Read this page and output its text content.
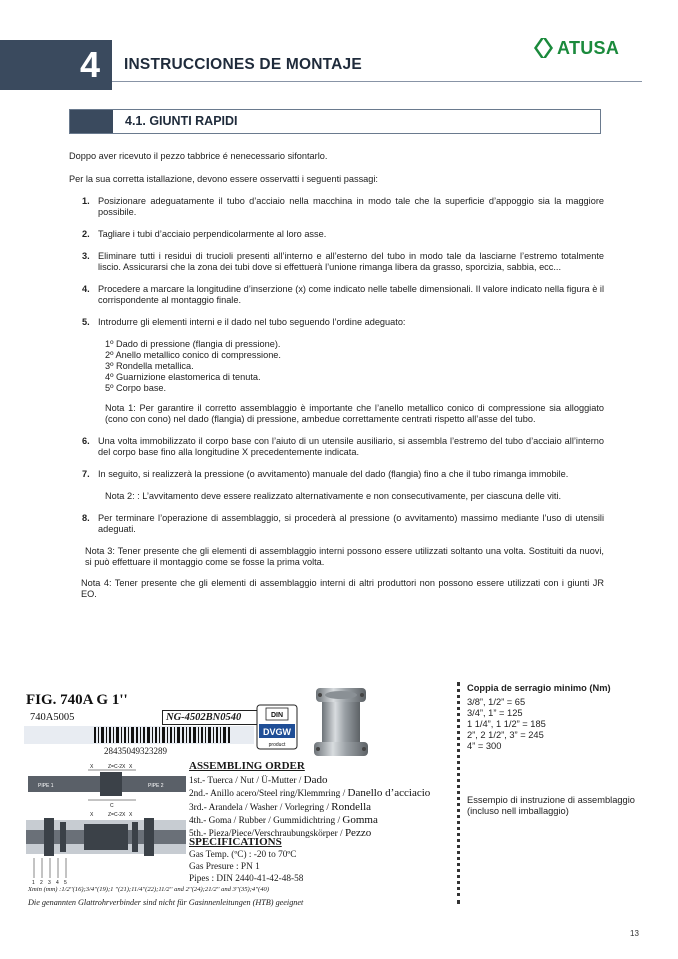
4 INSTRUCCIONES DE MONTAJE
ATUSA
4.1. GIUNTI RAPIDI

Doppo aver ricevuto il pezzo tabbrice é nenecessario sifontarlo.

Per la sua corretta istallazione, devono essere osservatti i seguenti passagi:

1. Posizionare adeguatamente il tubo d’acciaio nella macchina in modo tale che la superficie d’appoggio sia la maggiore possibile.
2. Tagliare i tubi d’acciaio perpendicolarmente al loro asse.
3. Eliminare tutti i residui di trucioli presenti all’interno e all’esterno del tubo in modo tale da lasciarne l’estremo totalmente liscio. Assicurarsi che la zona dei tubi dove si effettuerà l’unione rimanga libera da grasso, sporcizia, sabbia, ecc...
4. Procedere a marcare la longitudine d’inserzione (x) come indicato nelle tabelle dimensionali. Il valore indicato nella figura è il corrispondente al montaggio finale.
5. Introdurre gli elementi interni e il dado nel tubo seguendo l’ordine adeguato:
1º Dado di pressione (flangia di pressione).
2º Anello metallico conico di compressione.
3º Rondella metallica.
4º Guarnizione elastomerica di tenuta.
5º Corpo base.
Nota 1: Per garantire il corretto assemblaggio è importante che l’anello metallico conico di compressione sia alloggiato (cono con cono) nel dado (flangia) di pressione, ambedue correttamente centrati rispetto all’asse del tubo.
6. Una volta immobilizzato il corpo base con l’aiuto di un utensile ausiliario, si assembla l’estremo del tubo d’acciaio all’interno del corpo base fino alla longitudine X precedentemente indicata.
7. In seguito, si realizzerà la pressione (o avvitamento) manuale del dado (flangia) fino a che il tubo rimanga immobile.
Nota 2: : L’avvitamento deve essere realizzato alternativamente e non consecutivamente, per ciascuna delle viti.
8. Per terminare l’operazione di assemblaggio, si procederà al pressione (o avvitamento) massimo mediante l’uso di utensili adeguati.
Nota 3: Tener presente che gli elementi di assemblaggio interni possono essere utilizzati soltanto una volta. Sostituiti da nuovi, si può effettuare il montaggio come se fosse la prima volta.
Nota 4: Tener presente che gli elementi di assemblaggio interni di altri produttori non possono essere utilizzati con i giunti JR EO.
FIG. 740A G 1''
740A5005	NG-4502BN0540
28435049323289
DIN
DVGW
product
X	Z=C-2X X
PIPE 1	PIPE 2
C
X	Z=C-2X X
1 2 3 4 5
ASSEMBLING ORDER
1st.- Tuerca / Nut / Ü-Mutter / Dado
2nd.- Anillo acero/Steel ring/Klemmring / Danello d’acciacio
3rd.- Arandela / Washer / Vorlegring / Rondella
4th.- Goma / Rubber / Gummidichtring / Gomma
5th.- Pieza/Piece/Verschraubungskörper / Pezzo
SPECIFICATIONS
Gas Temp. (ºC) : -20 to 70ºC
Gas Presure : PN 1
Pipes : DIN 2440-41-42-48-58
Xmin (mm) :1/2''(16);3/4''(19);1 ''(21);11/4''(22);11/2'' and 2''(24);21/2'' and 3''(35);4''(40)
Die genannten Glattrohrverbinder sind nicht für Gasinnenleitungen (HTB) geeignet
Coppia de serragio minimo (Nm)
3/8”, 1/2” = 65
3/4”, 1” = 125
1 1/4”, 1 1/2” = 185
2”, 2 1/2”, 3” = 245
4” = 300
Essempio di instruzione di assemblaggio (incluso nell imballaggio)
13
